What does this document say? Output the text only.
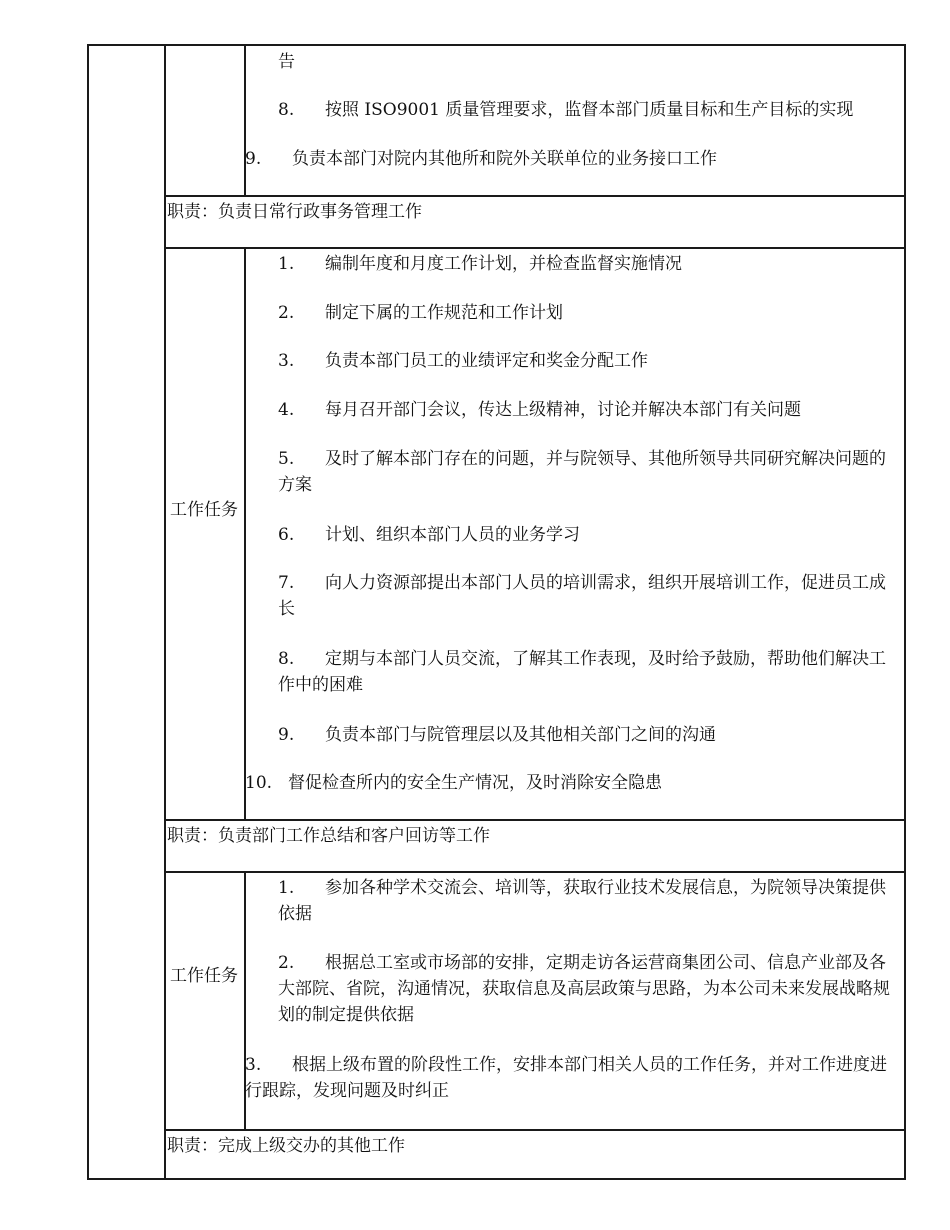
告
8. 按照 ISO9001 质量管理要求，监督本部门质量目标和生产目标的实现
9. 负责本部门对院内其他所和院外关联单位的业务接口工作
职责：负责日常行政事务管理工作
工作任务
1. 编制年度和月度工作计划，并检查监督实施情况
2. 制定下属的工作规范和工作计划
3. 负责本部门员工的业绩评定和奖金分配工作
4. 每月召开部门会议，传达上级精神，讨论并解决本部门有关问题
5. 及时了解本部门存在的问题，并与院领导、其他所领导共同研究解决问题的方案
6. 计划、组织本部门人员的业务学习
7. 向人力资源部提出本部门人员的培训需求，组织开展培训工作，促进员工成长
8. 定期与本部门人员交流，了解其工作表现，及时给予鼓励，帮助他们解决工作中的困难
9. 负责本部门与院管理层以及其他相关部门之间的沟通
10. 督促检查所内的安全生产情况，及时消除安全隐患
职责：负责部门工作总结和客户回访等工作
工作任务
1. 参加各种学术交流会、培训等，获取行业技术发展信息，为院领导决策提供依据
2. 根据总工室或市场部的安排，定期走访各运营商集团公司、信息产业部及各大部院、省院，沟通情况，获取信息及高层政策与思路，为本公司未来发展战略规划的制定提供依据
3. 根据上级布置的阶段性工作，安排本部门相关人员的工作任务，并对工作进度进行跟踪，发现问题及时纠正
职责：完成上级交办的其他工作
